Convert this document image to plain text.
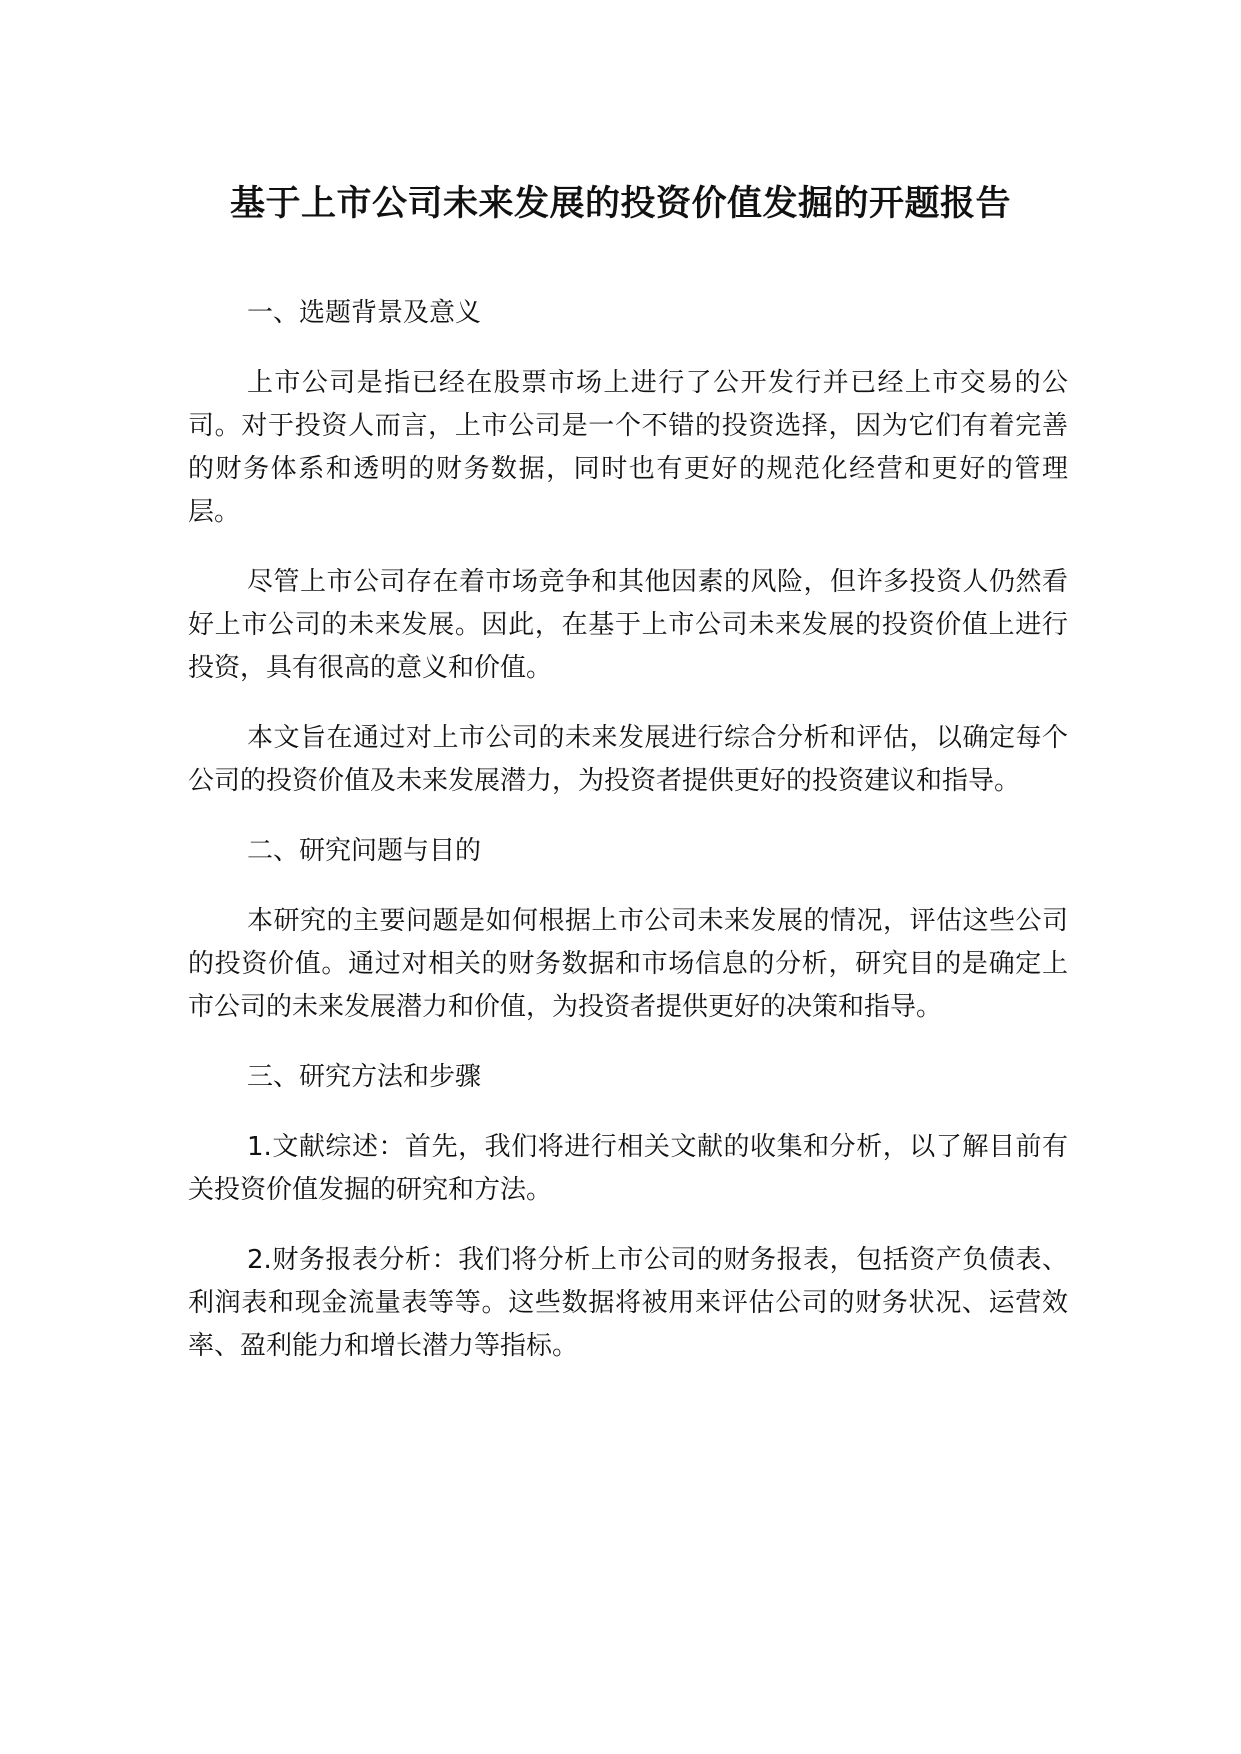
基于上市公司未来发展的投资价值发掘的开题报告

一、选题背景及意义

上市公司是指已经在股票市场上进行了公开发行并已经上市交易的公司。对于投资人而言，上市公司是一个不错的投资选择，因为它们有着完善的财务体系和透明的财务数据，同时也有更好的规范化经营和更好的管理层。

尽管上市公司存在着市场竞争和其他因素的风险，但许多投资人仍然看好上市公司的未来发展。因此，在基于上市公司未来发展的投资价值上进行投资，具有很高的意义和价值。

本文旨在通过对上市公司的未来发展进行综合分析和评估，以确定每个公司的投资价值及未来发展潜力，为投资者提供更好的投资建议和指导。

二、研究问题与目的

本研究的主要问题是如何根据上市公司未来发展的情况，评估这些公司的投资价值。通过对相关的财务数据和市场信息的分析，研究目的是确定上市公司的未来发展潜力和价值，为投资者提供更好的决策和指导。

三、研究方法和步骤

1.文献综述：首先，我们将进行相关文献的收集和分析，以了解目前有关投资价值发掘的研究和方法。

2.财务报表分析：我们将分析上市公司的财务报表，包括资产负债表、利润表和现金流量表等等。这些数据将被用来评估公司的财务状况、运营效率、盈利能力和增长潜力等指标。
